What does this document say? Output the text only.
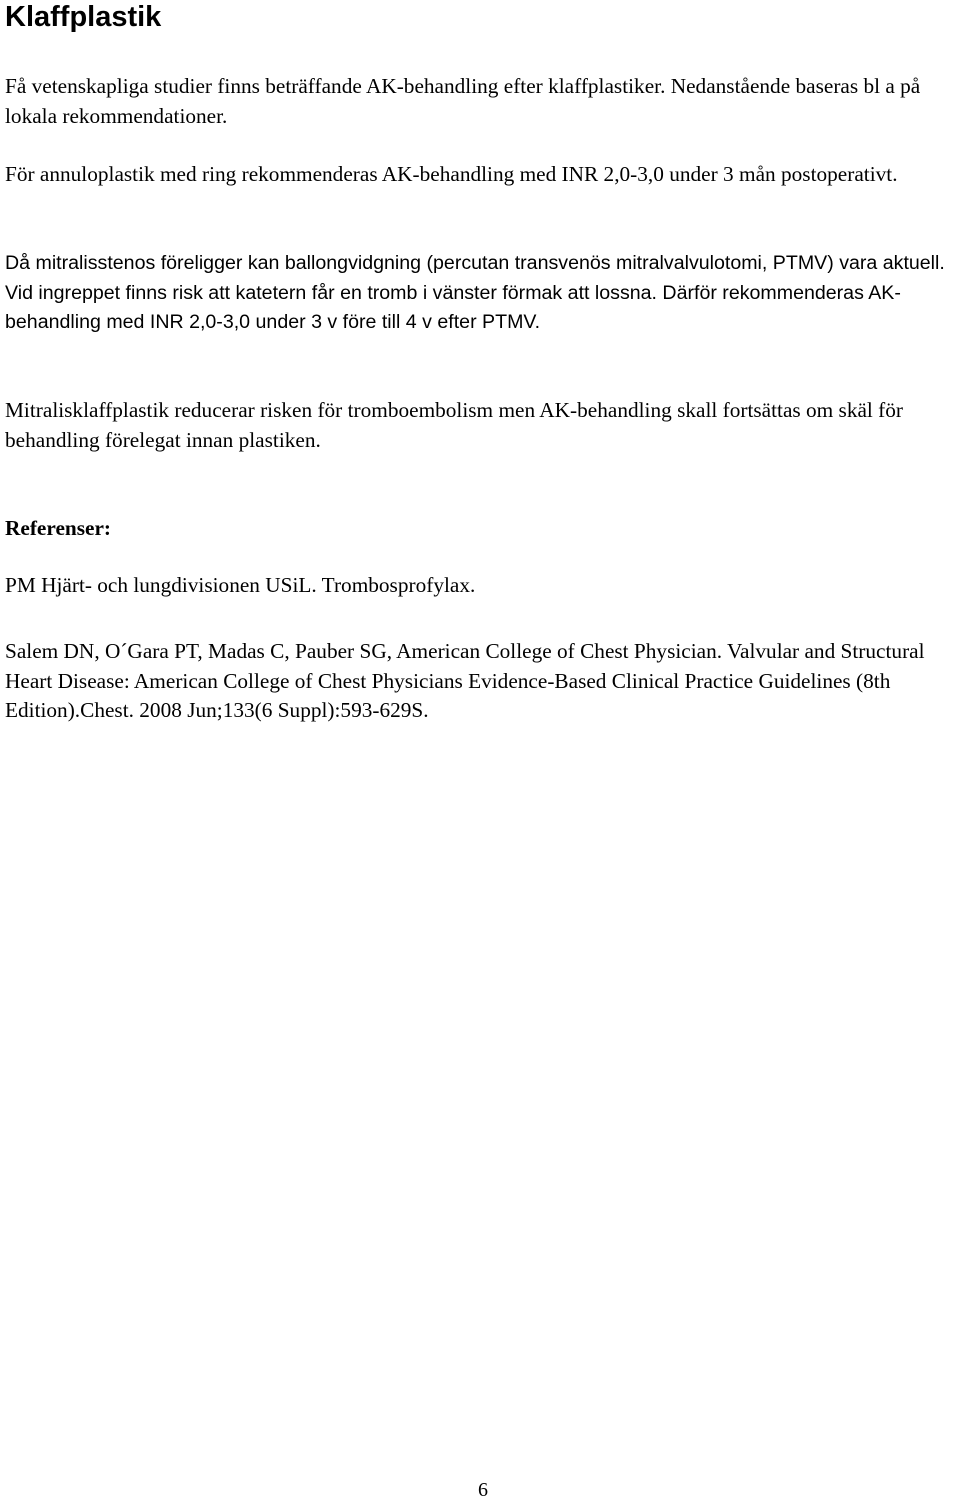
Klaffplastik

Få vetenskapliga studier finns beträffande AK-behandling efter klaffplastiker. Nedanstående baseras bl a på lokala rekommendationer.

För annuloplastik med ring rekommenderas AK-behandling med INR 2,0-3,0 under 3 mån postoperativt.

Då mitralisstenos föreligger kan ballongvidgning (percutan transvenös mitralvalvulotomi, PTMV) vara aktuell. Vid ingreppet finns risk att katetern får en tromb i vänster förmak att lossna. Därför rekommenderas AK-behandling med INR 2,0-3,0 under 3 v före till 4 v efter PTMV.

Mitralisklaffplastik reducerar risken för tromboembolism men AK-behandling skall fortsättas om skäl för behandling förelegat innan plastiken.

Referenser:

PM Hjärt- och lungdivisionen USiL. Trombosprofylax.

Salem DN, O´Gara PT, Madas C, Pauber SG, American College of Chest Physician. Valvular and Structural Heart Disease: American College of Chest Physicians Evidence-Based Clinical Practice Guidelines (8th Edition).Chest. 2008 Jun;133(6 Suppl):593-629S.

6
